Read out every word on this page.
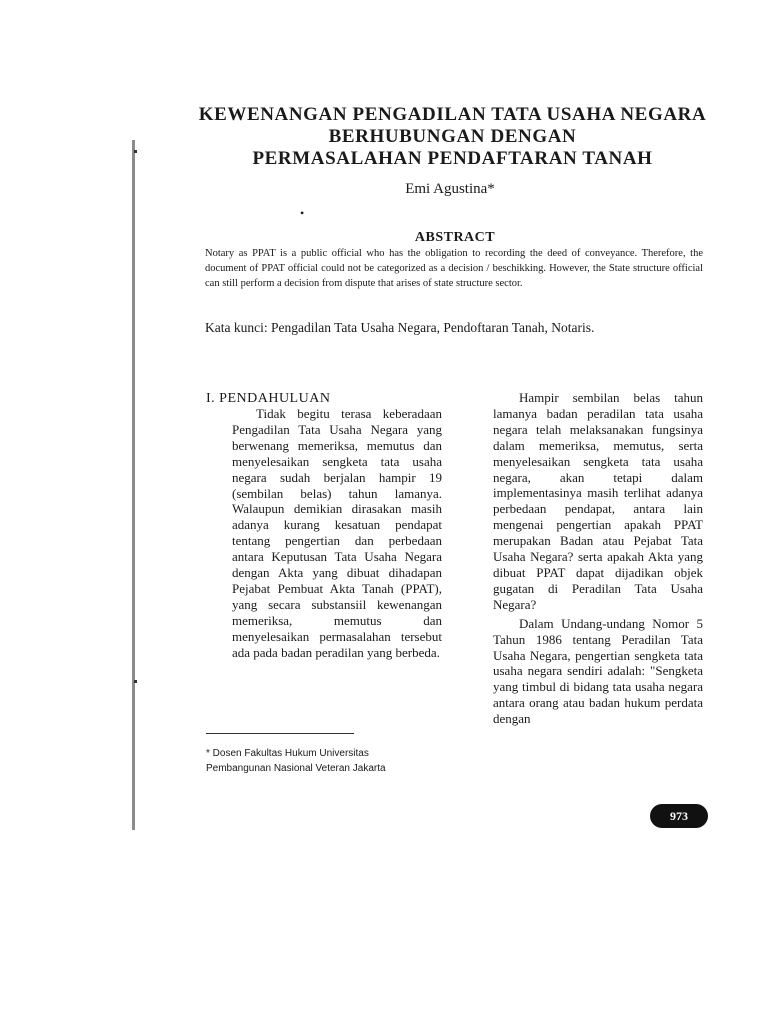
KEWENANGAN PENGADILAN TATA USAHA NEGARA
BERHUBUNGAN DENGAN
PERMASALAHAN PENDAFTARAN TANAH
Emi Agustina*
•
ABSTRACT
Notary as PPAT is a public official who has the obligation to recording the deed of conveyance. Therefore, the document of PPAT official could not be categorized as a decision / beschikking. However, the State structure official can still perform a decision from dispute that arises of state structure sector.
Kata kunci: Pengadilan Tata Usaha Negara, Pendoftaran Tanah, Notaris.
I. PENDAHULUAN
Tidak begitu terasa keberadaan Pengadilan Tata Usaha Negara yang berwenang memeriksa, memutus dan menyelesaikan sengketa tata usaha negara sudah berjalan hampir 19 (sembilan belas) tahun lamanya. Walaupun demikian dirasakan masih adanya kurang kesatuan pendapat tentang pengertian dan perbedaan antara Keputusan Tata Usaha Negara dengan Akta yang dibuat dihadapan Pejabat Pembuat Akta Tanah (PPAT), yang secara substansiil kewenangan memeriksa, memutus dan menyelesaikan permasalahan tersebut ada pada badan peradilan yang berbeda.

Hampir sembilan belas tahun lamanya badan peradilan tata usaha negara telah melaksanakan fungsinya dalam memeriksa, memutus, serta menyelesaikan sengketa tata usaha negara, akan tetapi dalam implementasinya masih terlihat adanya perbedaan pendapat, antara lain mengenai pengertian apakah PPAT merupakan Badan atau Pejabat Tata Usaha Negara? serta apakah Akta yang dibuat PPAT dapat dijadikan objek gugatan di Peradilan Tata Usaha Negara?

Dalam Undang-undang Nomor 5 Tahun 1986 tentang Peradilan Tata Usaha Negara, pengertian sengketa tata usaha negara sendiri adalah: "Sengketa yang timbul di bidang tata usaha negara antara orang atau badan hukum perdata dengan

* Dosen Fakultas Hukum Universitas
Pembangunan Nasional Veteran Jakarta
973
